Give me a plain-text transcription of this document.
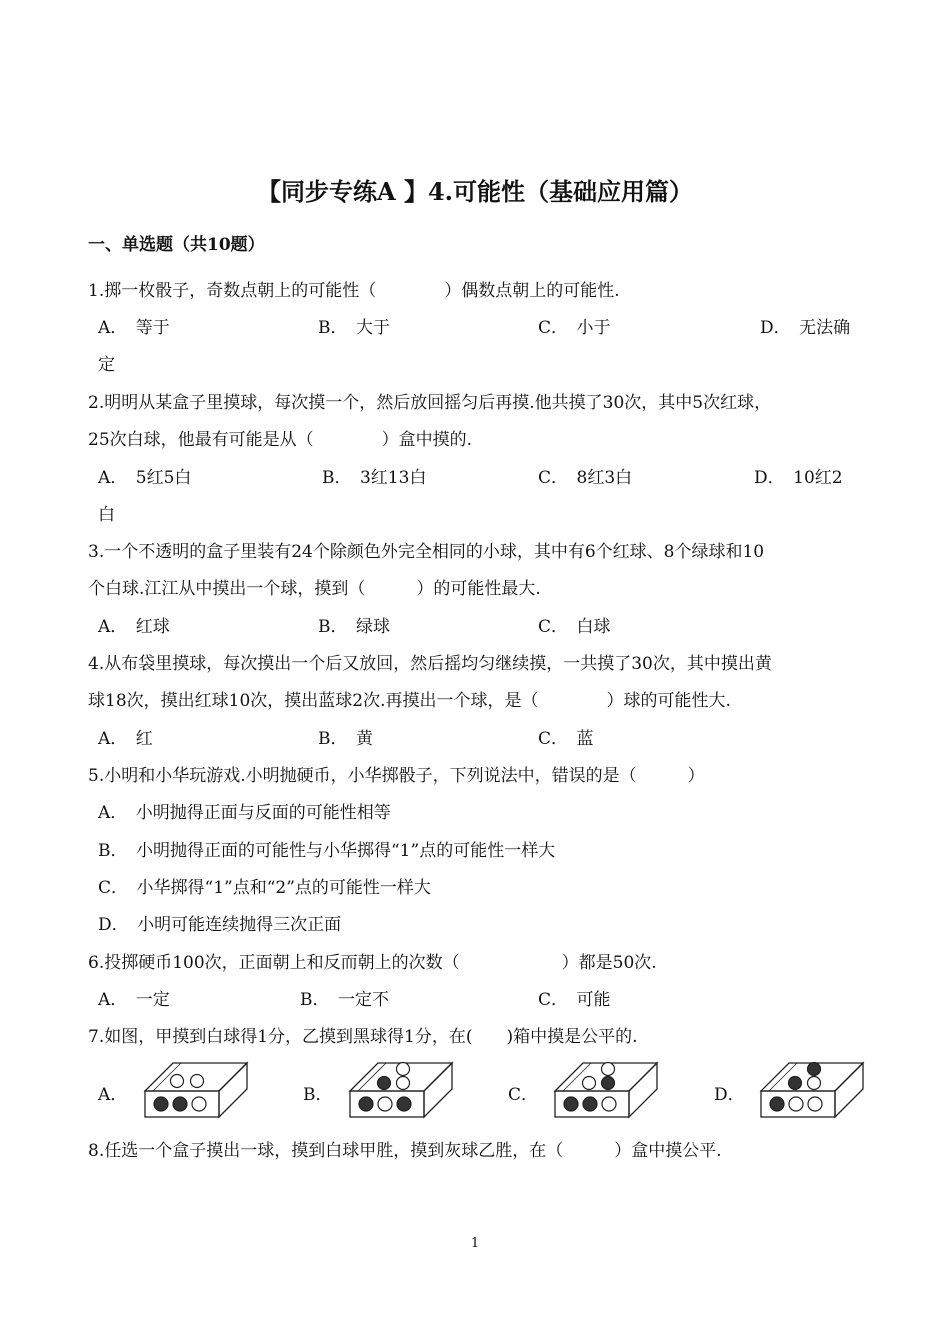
【同步专练A 】4.可能性（基础应用篇）
一、单选题（共10题）
1.掷一枚骰子，奇数点朝上的可能性（　　　　）偶数点朝上的可能性.
A．　等于	B．　大于	C．　小于	D．　无法确
定
2.明明从某盒子里摸球，每次摸一个，然后放回摇匀后再摸.他共摸了30次，其中5次红球，
25次白球，他最有可能是从（　　　　）盒中摸的.
A．　5红5白	B．　3红13白	C．　8红3白	D．　10红2
白
3.一个不透明的盒子里装有24个除颜色外完全相同的小球，其中有6个红球、8个绿球和10
个白球.江江从中摸出一个球，摸到（　　　）的可能性最大.
A．　红球	B．　绿球	C．　白球
4.从布袋里摸球，每次摸出一个后又放回，然后摇均匀继续摸，一共摸了30次，其中摸出黄
球18次，摸出红球10次，摸出蓝球2次.再摸出一个球，是（　　　　）球的可能性大.
A．　红	B．　黄	C．　蓝
5.小明和小华玩游戏.小明抛硬币，小华掷骰子，下列说法中，错误的是（　　　）
A．　小明抛得正面与反面的可能性相等
B．　小明抛得正面的可能性与小华掷得“1”点的可能性一样大
C．　小华掷得“1”点和“2”点的可能性一样大
D．　小明可能连续抛得三次正面
6.投掷硬币100次，正面朝上和反而朝上的次数（　　　　　　）都是50次.
A．　一定	B．　一定不	C．　可能
7.如图，甲摸到白球得1分，乙摸到黑球得1分，在(　　)箱中摸是公平的.
A．	B．	C．	D．
8.任选一个盒子摸出一球，摸到白球甲胜，摸到灰球乙胜，在（　　　）盒中摸公平.
1
